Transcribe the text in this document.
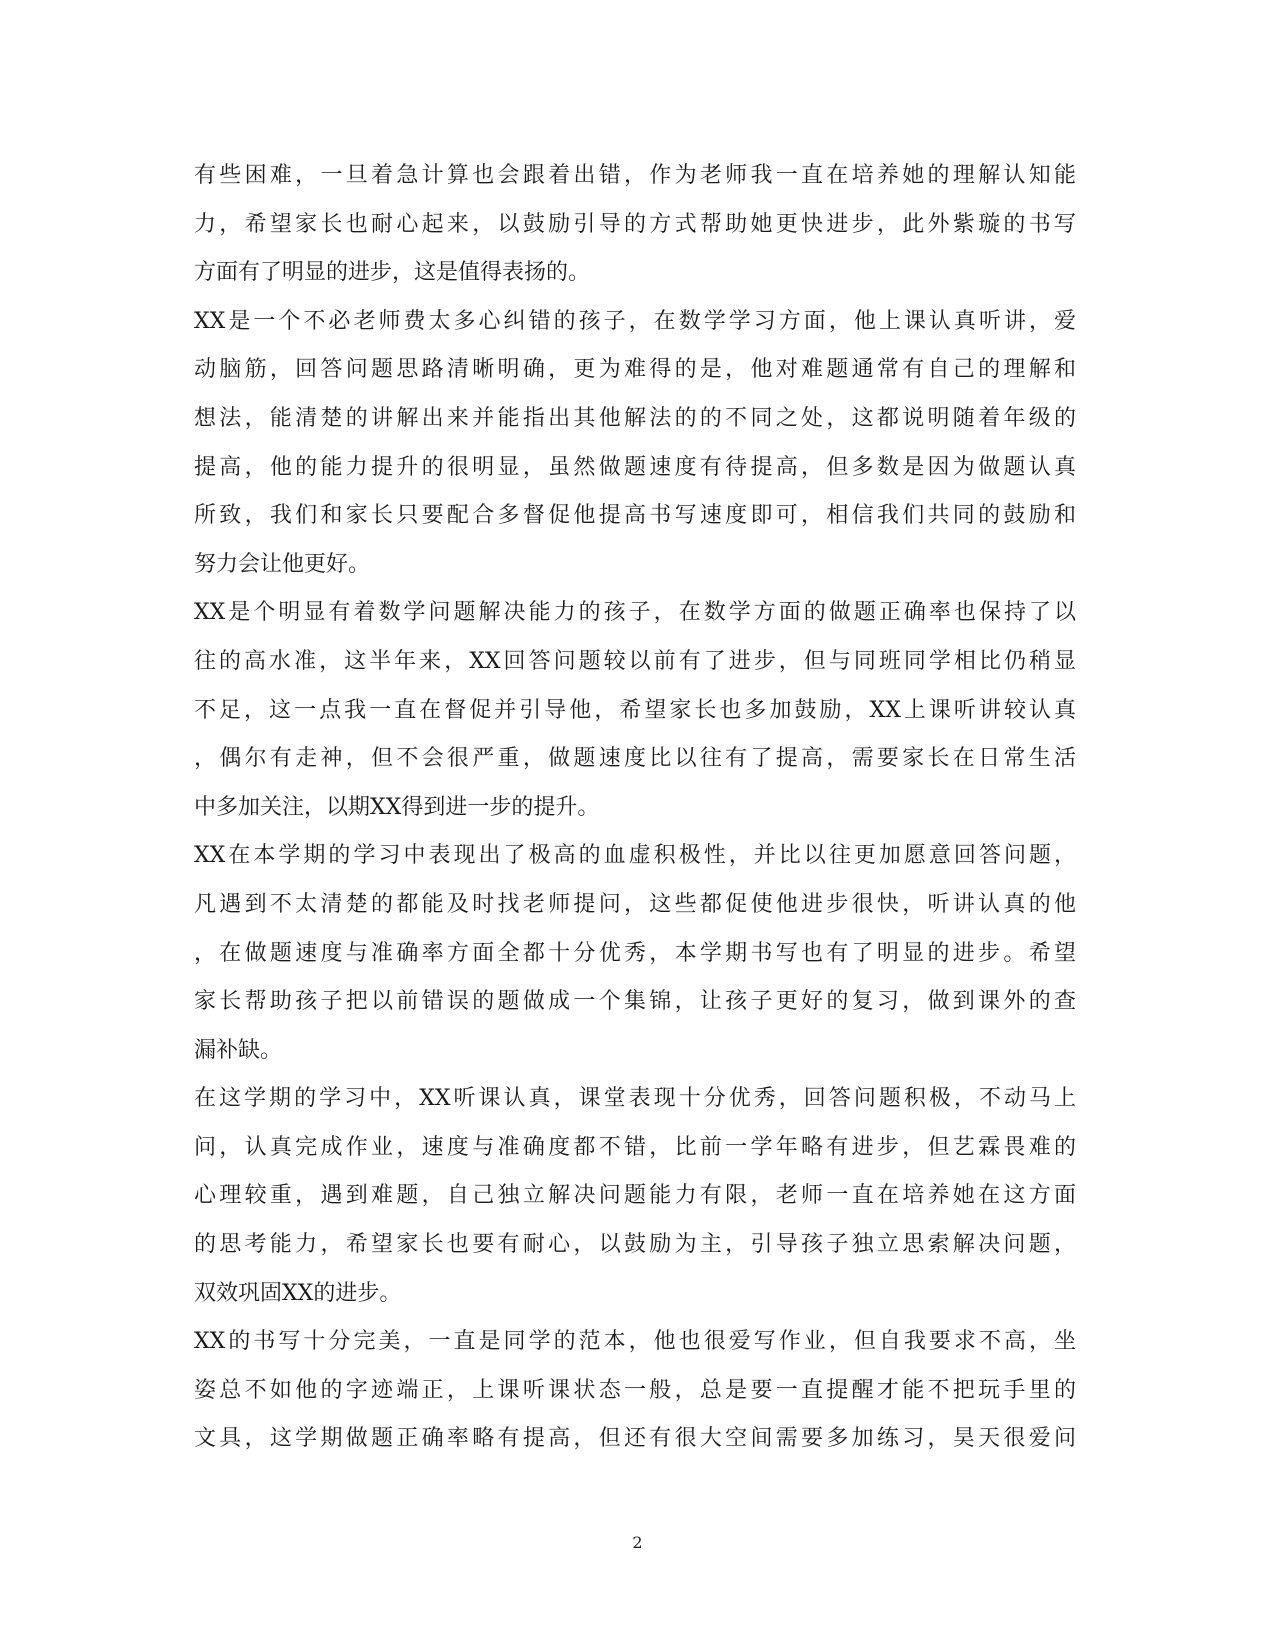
有些困难，一旦着急计算也会跟着出错，作为老师我一直在培养她的理解认知能
力，希望家长也耐心起来，以鼓励引导的方式帮助她更快进步，此外紫璇的书写
方面有了明显的进步，这是值得表扬的。
XX是一个不必老师费太多心纠错的孩子，在数学学习方面，他上课认真听讲，爱
动脑筋，回答问题思路清晰明确，更为难得的是，他对难题通常有自己的理解和
想法，能清楚的讲解出来并能指出其他解法的的不同之处，这都说明随着年级的
提高，他的能力提升的很明显，虽然做题速度有待提高，但多数是因为做题认真
所致，我们和家长只要配合多督促他提高书写速度即可，相信我们共同的鼓励和
努力会让他更好。
XX是个明显有着数学问题解决能力的孩子，在数学方面的做题正确率也保持了以
往的高水准，这半年来，XX回答问题较以前有了进步，但与同班同学相比仍稍显
不足，这一点我一直在督促并引导他，希望家长也多加鼓励，XX上课听讲较认真
，偶尔有走神，但不会很严重，做题速度比以往有了提高，需要家长在日常生活
中多加关注，以期XX得到进一步的提升。
XX在本学期的学习中表现出了极高的血虚积极性，并比以往更加愿意回答问题，
凡遇到不太清楚的都能及时找老师提问，这些都促使他进步很快，听讲认真的他
，在做题速度与准确率方面全都十分优秀，本学期书写也有了明显的进步。希望
家长帮助孩子把以前错误的题做成一个集锦，让孩子更好的复习，做到课外的查
漏补缺。
在这学期的学习中，XX听课认真，课堂表现十分优秀，回答问题积极，不动马上
问，认真完成作业，速度与准确度都不错，比前一学年略有进步，但艺霖畏难的
心理较重，遇到难题，自己独立解决问题能力有限，老师一直在培养她在这方面
的思考能力，希望家长也要有耐心，以鼓励为主，引导孩子独立思索解决问题，
双效巩固XX的进步。
XX的书写十分完美，一直是同学的范本，他也很爱写作业，但自我要求不高，坐
姿总不如他的字迹端正，上课听课状态一般，总是要一直提醒才能不把玩手里的
文具，这学期做题正确率略有提高，但还有很大空间需要多加练习，昊天很爱问
2
